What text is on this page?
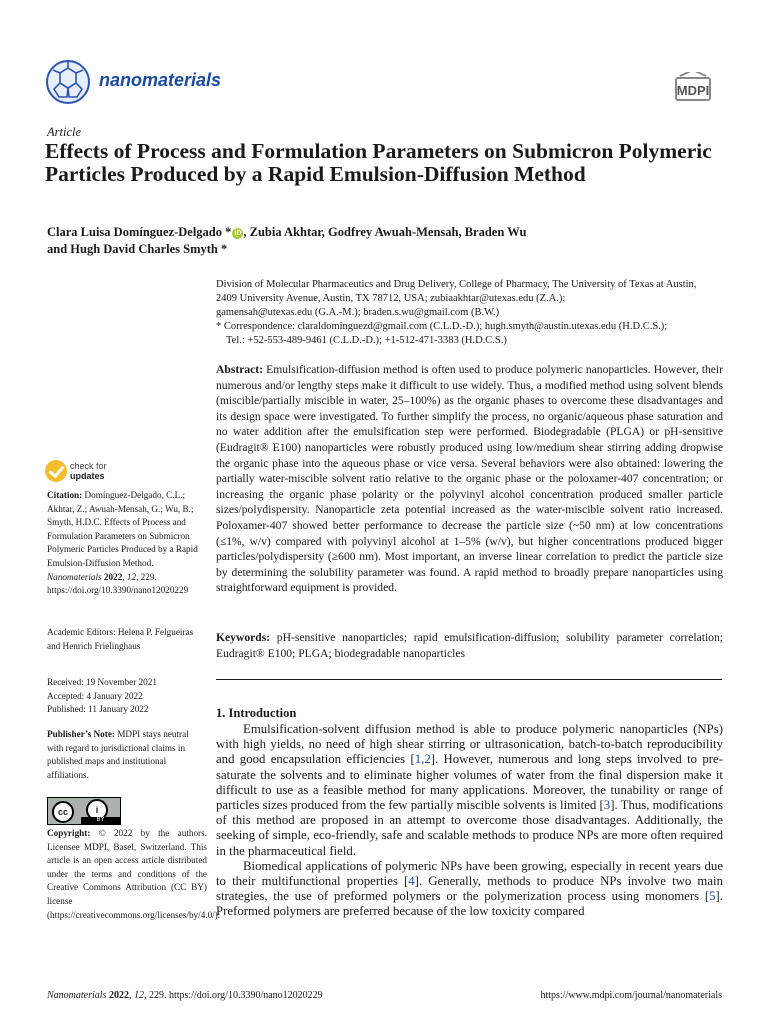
nanomaterials
MDPI
Article
Effects of Process and Formulation Parameters on Submicron Polymeric Particles Produced by a Rapid Emulsion-Diffusion Method
Clara Luisa Domínguez-Delgado * iD , Zubia Akhtar, Godfrey Awuah-Mensah, Braden Wu
and Hugh David Charles Smyth *

Division of Molecular Pharmaceutics and Drug Delivery, College of Pharmacy, The University of Texas at Austin,

2409 University Avenue, Austin, TX 78712, USA; zubiaakhtar@utexas.edu (Z.A.);

gamensah@utexas.edu (G.A.-M.); braden.s.wu@gmail.com (B.W.)

* Correspondence: claraldominguezd@gmail.com (C.L.D.-D.); hugh.smyth@austin.utexas.edu (H.D.C.S.);

Tel.: +52-553-489-9461 (C.L.D.-D.); +1-512-471-3383 (H.D.C.S.)

Abstract: Emulsification-diffusion method is often used to produce polymeric nanoparticles. However, their numerous and/or lengthy steps make it difficult to use widely. Thus, a modified method using solvent blends (miscible/partially miscible in water, 25–100%) as the organic phases to overcome these disadvantages and its design space were investigated. To further simplify the process, no organic/aqueous phase saturation and no water addition after the emulsification step were performed. Biodegradable (PLGA) or pH-sensitive (Eudragit® E100) nanoparticles were robustly produced using low/medium shear stirring adding dropwise the organic phase into the aqueous phase or vice versa. Several behaviors were also obtained: lowering the partially water-miscible solvent ratio relative to the organic phase or the poloxamer-407 concentration; or increasing the organic phase polarity or the polyvinyl alcohol concentration produced smaller particle sizes/polydispersity. Nanoparticle zeta potential increased as the water-miscible solvent ratio increased. Poloxamer-407 showed better performance to decrease the particle size (~50 nm) at low concentrations (≤1%, w/v) compared with polyvinyl alcohol at 1–5% (w/v), but higher concentrations produced bigger particles/polydispersity (≥600 nm). Most important, an inverse linear correlation to predict the particle size by determining the solubility parameter was found. A rapid method to broadly prepare nanoparticles using straightforward equipment is provided.
Keywords: pH-sensitive nanoparticles; rapid emulsification-diffusion; solubility parameter correlation; Eudragit® E100; PLGA; biodegradable nanoparticles
1. Introduction

Emulsification-solvent diffusion method is able to produce polymeric nanoparticles (NPs) with high yields, no need of high shear stirring or ultrasonication, batch-to-batch reproducibility and good encapsulation efficiencies [1,2]. However, numerous and long steps involved to pre-saturate the solvents and to eliminate higher volumes of water from the final dispersion make it difficult to use as a feasible method for many applications. Moreover, the tunability or range of particles sizes produced from the few partially miscible solvents is limited [3]. Thus, modifications of this method are proposed in an attempt to overcome those disadvantages. Additionally, the seeking of simple, eco-friendly, safe and scalable methods to produce NPs are more often required in the pharmaceutical field.

Biomedical applications of polymeric NPs have been growing, especially in recent years due to their multifunctional properties [4]. Generally, methods to produce NPs involve two main strategies, the use of preformed polymers or the polymerization process using monomers [5]. Preformed polymers are preferred because of the low toxicity compared

check for
updates
Citation: Domínguez-Delgado, C.L.; Akhtar, Z.; Awuah-Mensah, G.; Wu, B.; Smyth, H.D.C. Effects of Process and Formulation Parameters on Submicron Polymeric Particles Produced by a Rapid Emulsion-Diffusion Method. Nanomaterials 2022, 12, 229. https://doi.org/10.3390/nano12020229
Academic Editors: Helena P. Felgueiras and Henrich Frielinghaus

Received: 19 November 2021

Accepted: 4 January 2022

Published: 11 January 2022

Publisher’s Note: MDPI stays neutral with regard to jurisdictional claims in published maps and institutional affiliations.
cc	i
BY
Copyright: © 2022 by the authors. Licensee MDPI, Basel, Switzerland. This article is an open access article distributed under the terms and conditions of the Creative Commons Attribution (CC BY) license (https://creativecommons.org/licenses/by/4.0/).
Nanomaterials 2022, 12, 229. https://doi.org/10.3390/nano12020229	https://www.mdpi.com/journal/nanomaterials
